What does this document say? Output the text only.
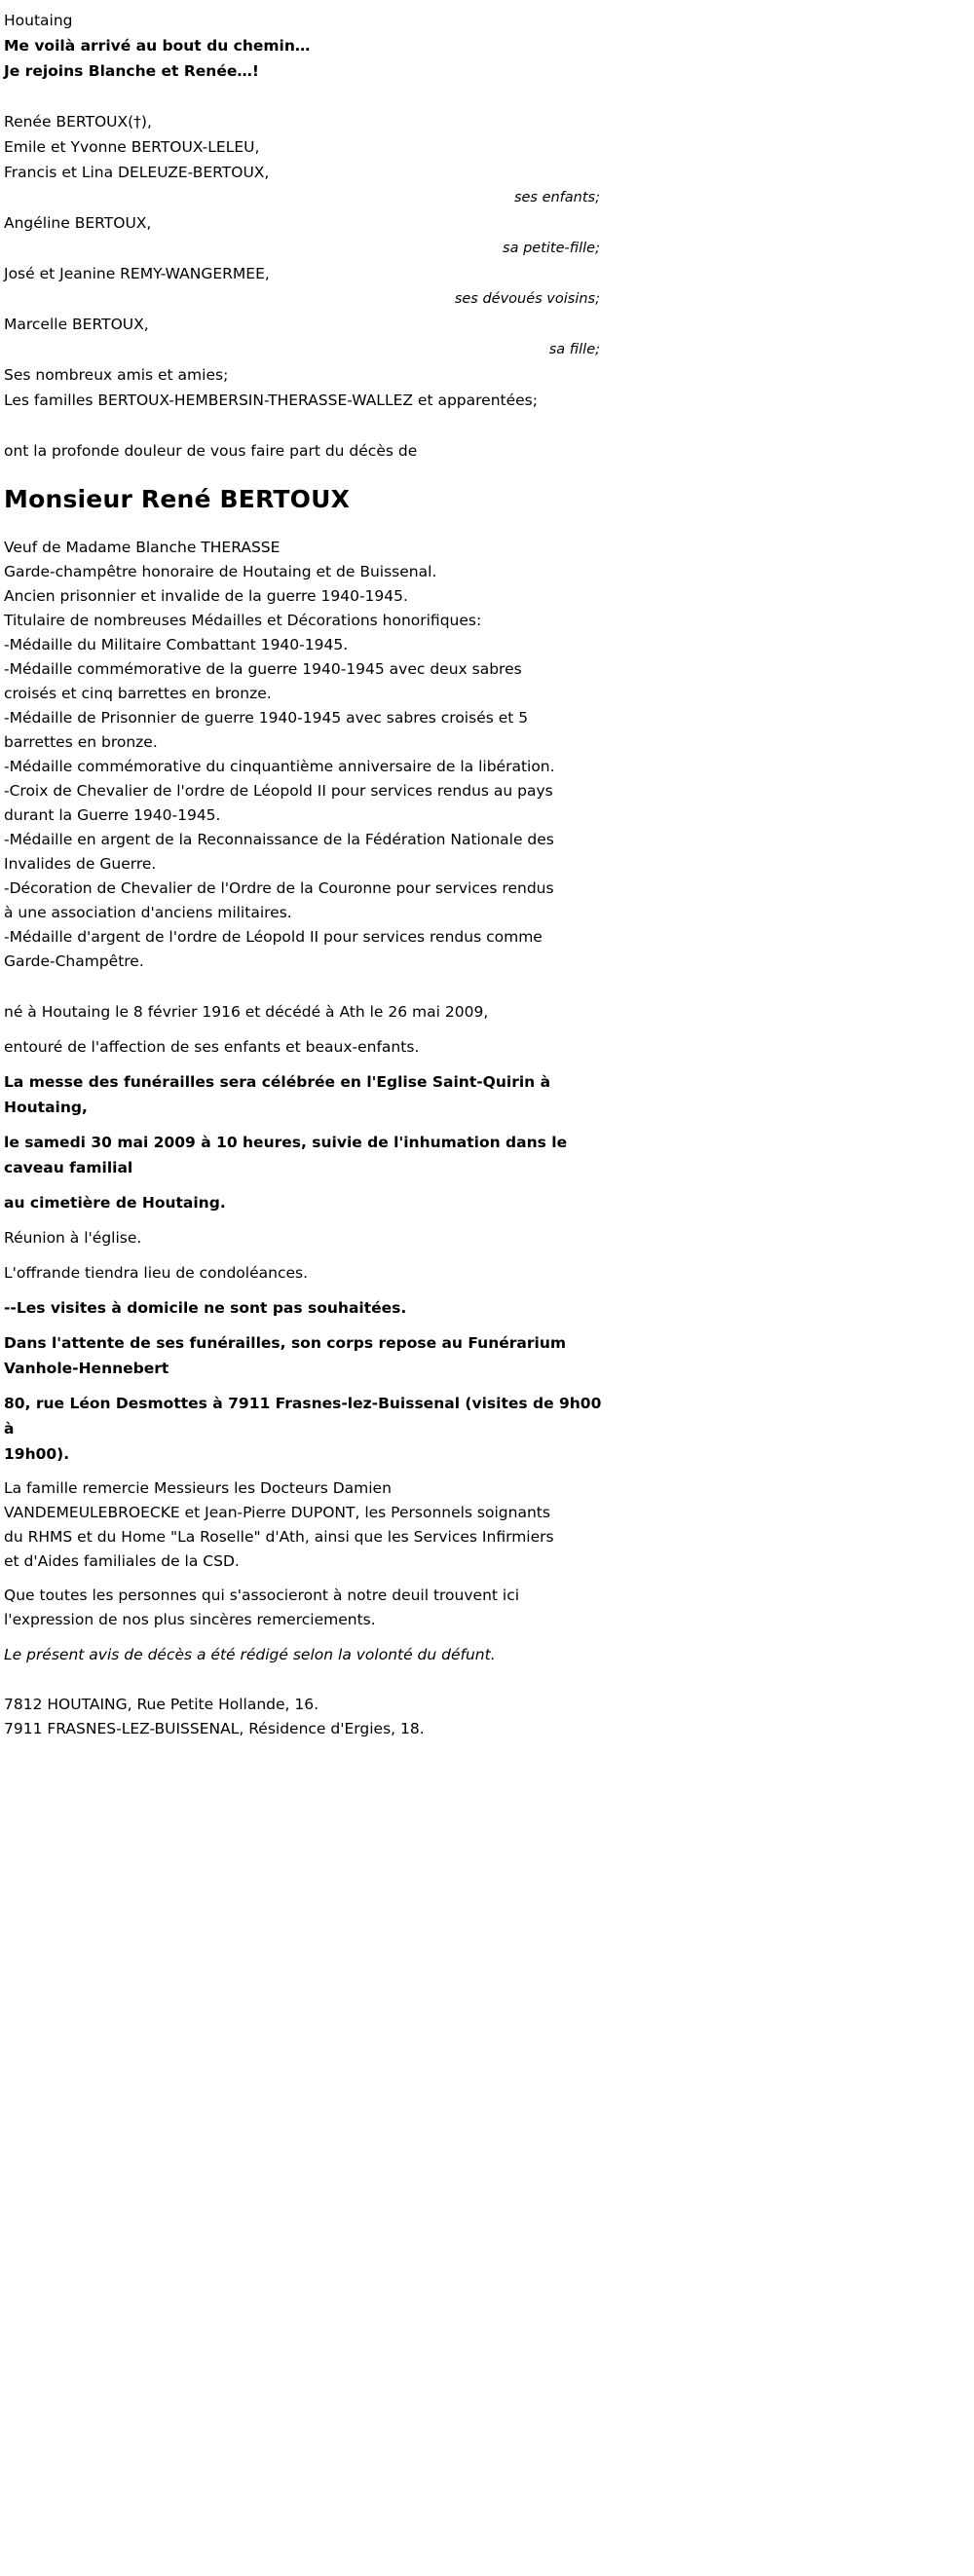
Houtaing
Me voilà arrivé au bout du chemin…
Je rejoins Blanche et Renée…!
Renée BERTOUX(†),
Emile et Yvonne BERTOUX-LELEU,
Francis et Lina DELEUZE-BERTOUX,
ses enfants;
Angéline BERTOUX,
sa petite-fille;
José et Jeanine REMY-WANGERMEE,
ses dévoués voisins;
Marcelle BERTOUX,
sa fille;
Ses nombreux amis et amies;
Les familles BERTOUX-HEMBERSIN-THERASSE-WALLEZ et apparentées;
ont la profonde douleur de vous faire part du décès de
Monsieur René BERTOUX
Veuf de Madame Blanche THERASSE
Garde-champêtre honoraire de Houtaing et de Buissenal.
Ancien prisonnier et invalide de la guerre 1940-1945.
Titulaire de nombreuses Médailles et Décorations honorifiques:
-Médaille du Militaire Combattant 1940-1945.
-Médaille commémorative de la guerre 1940-1945 avec deux sabres
croisés et cinq barrettes en bronze.
-Médaille de Prisonnier de guerre 1940-1945 avec sabres croisés et 5
barrettes en bronze.
-Médaille commémorative du cinquantième anniversaire de la libération.
-Croix de Chevalier de l'ordre de Léopold II pour services rendus au pays
durant la Guerre 1940-1945.
-Médaille en argent de la Reconnaissance de la Fédération Nationale des
Invalides de Guerre.
-Décoration de Chevalier de l'Ordre de la Couronne pour services rendus
à une association d'anciens militaires.
-Médaille d'argent de l'ordre de Léopold II pour services rendus comme
Garde-Champêtre.
né à Houtaing le 8 février 1916 et décédé à Ath le 26 mai 2009,
entouré de l'affection de ses enfants et beaux-enfants.
La messe des funérailles sera célébrée en l'Eglise Saint-Quirin à
Houtaing,
le samedi 30 mai 2009 à 10 heures, suivie de l'inhumation dans le
caveau familial
au cimetière de Houtaing.
Réunion à l'église.
L'offrande tiendra lieu de condoléances.
--Les visites à domicile ne sont pas souhaitées.
Dans l'attente de ses funérailles, son corps repose au Funérarium
Vanhole-Hennebert
80, rue Léon Desmottes à 7911 Frasnes-lez-Buissenal (visites de 9h00 à
19h00).
La famille remercie Messieurs les Docteurs Damien
VANDEMEULEBROECKE et Jean-Pierre DUPONT, les Personnels soignants
du RHMS et du Home "La Roselle" d'Ath, ainsi que les Services Infirmiers
et d'Aides familiales de la CSD.
Que toutes les personnes qui s'associeront à notre deuil trouvent ici
l'expression de nos plus sincères remerciements.
Le présent avis de décès a été rédigé selon la volonté du défunt.
7812 HOUTAING, Rue Petite Hollande, 16.
7911 FRASNES-LEZ-BUISSENAL, Résidence d'Ergies, 18.
